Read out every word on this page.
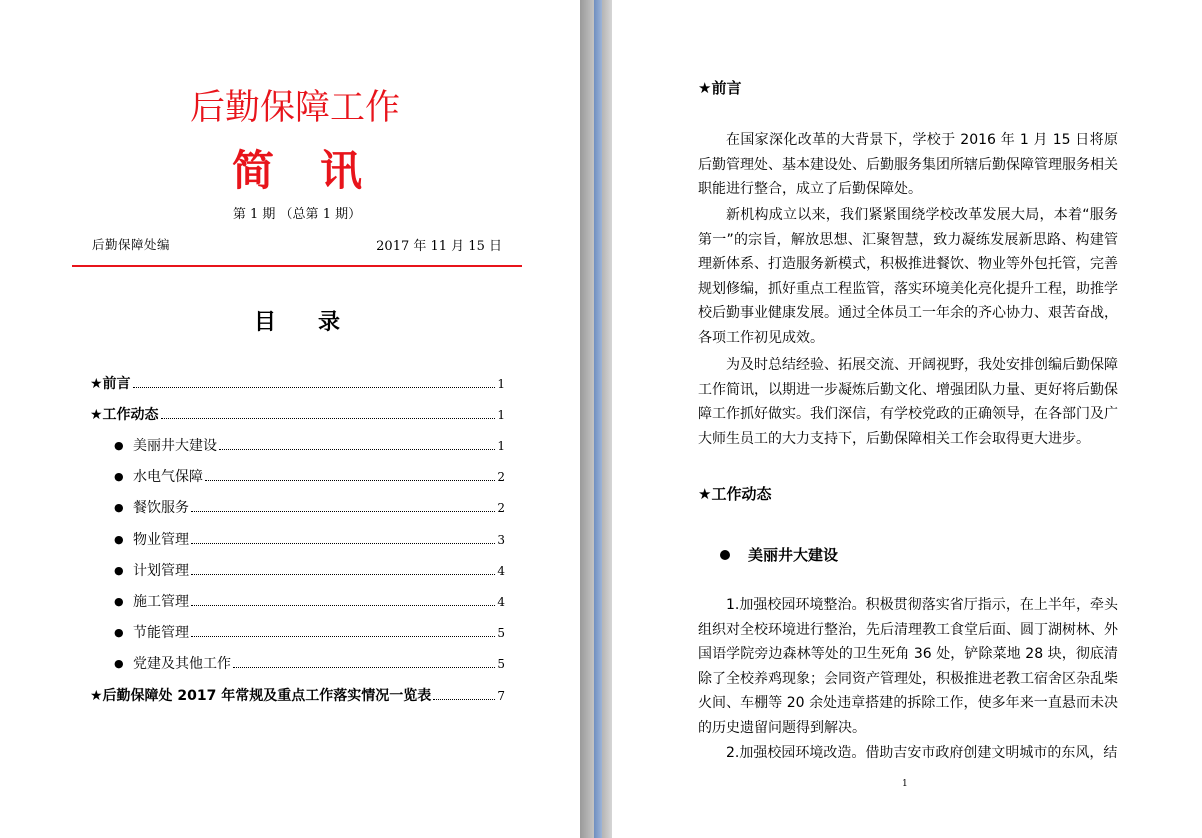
后勤保障工作
简讯
第 1 期 （总第 1 期）
后勤保障处编	2017 年 11 月 15 日
目录
★前言	1
★工作动态	1
● 美丽井大建设	1
● 水电气保障	2
● 餐饮服务	2
● 物业管理	3
● 计划管理	4
● 施工管理	4
● 节能管理	5
● 党建及其他工作	5
★后勤保障处 2017 年常规及重点工作落实情况一览表	7
★前言
在国家深化改革的大背景下，学校于 2016 年 1 月 15 日将原后勤管理处、基本建设处、后勤服务集团所辖后勤保障管理服务相关职能进行整合，成立了后勤保障处。
新机构成立以来，我们紧紧围绕学校改革发展大局，本着“服务第一”的宗旨，解放思想、汇聚智慧，致力凝练发展新思路、构建管理新体系、打造服务新模式，积极推进餐饮、物业等外包托管，完善规划修编，抓好重点工程监管，落实环境美化亮化提升工程，助推学校后勤事业健康发展。通过全体员工一年余的齐心协力、艰苦奋战，各项工作初见成效。
为及时总结经验、拓展交流、开阔视野，我处安排创编后勤保障工作简讯，以期进一步凝炼后勤文化、增强团队力量、更好将后勤保障工作抓好做实。我们深信，有学校党政的正确领导，在各部门及广大师生员工的大力支持下，后勤保障相关工作会取得更大进步。
★工作动态
美丽井大建设
1.加强校园环境整治。积极贯彻落实省厅指示，在上半年，牵头组织对全校环境进行整治，先后清理教工食堂后面、圆丁湖树林、外国语学院旁边森林等处的卫生死角 36 处，铲除菜地 28 块，彻底清除了全校养鸡现象；会同资产管理处，积极推进老教工宿舍区杂乱柴火间、车棚等 20 余处违章搭建的拆除工作，使多年来一直悬而未决的历史遗留问题得到解决。
2.加强校园环境改造。借助吉安市政府创建文明城市的东风，结
1
